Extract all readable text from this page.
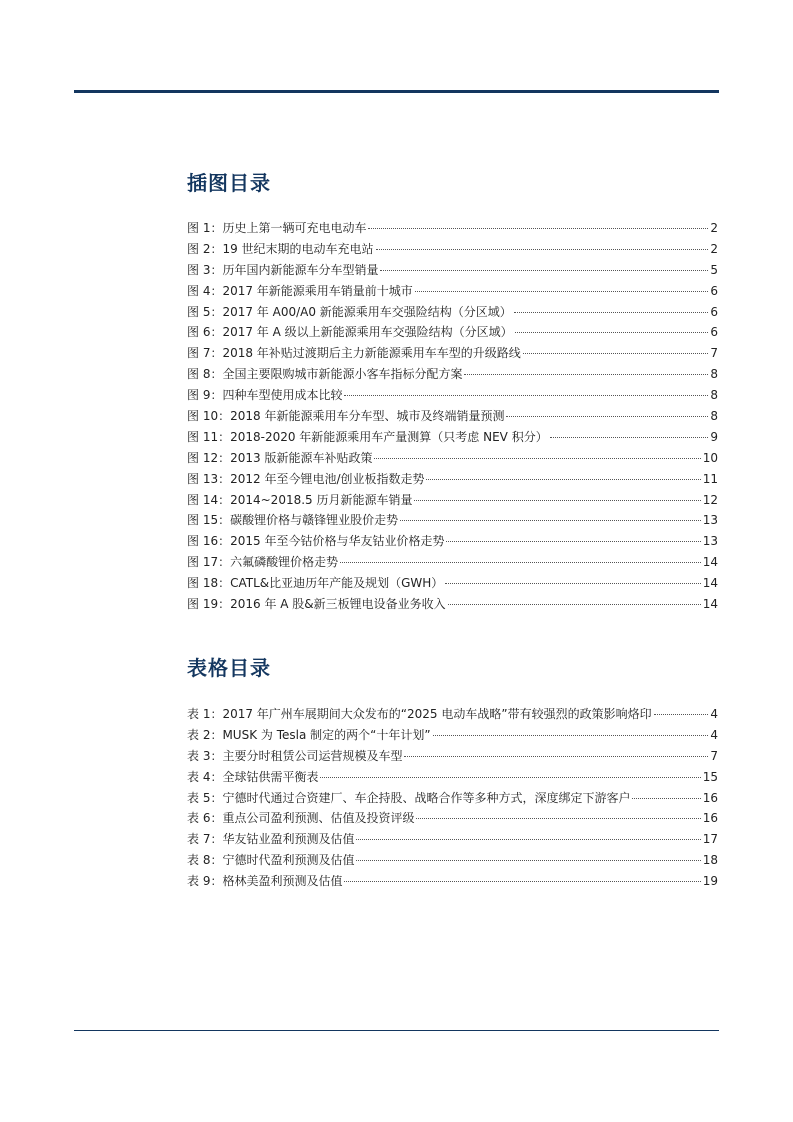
插图目录
图 1：历史上第一辆可充电电动车	2
图 2：19 世纪末期的电动车充电站	2
图 3：历年国内新能源车分车型销量	5
图 4：2017 年新能源乘用车销量前十城市	6
图 5：2017 年 A00/A0 新能源乘用车交强险结构（分区域）	6
图 6：2017 年 A 级以上新能源乘用车交强险结构（分区域）	6
图 7：2018 年补贴过渡期后主力新能源乘用车车型的升级路线	7
图 8：全国主要限购城市新能源小客车指标分配方案	8
图 9：四种车型使用成本比较	8
图 10：2018 年新能源乘用车分车型、城市及终端销量预测	8
图 11：2018-2020 年新能源乘用车产量测算（只考虑 NEV 积分）	9
图 12：2013 版新能源车补贴政策	10
图 13：2012 年至今锂电池/创业板指数走势	11
图 14：2014~2018.5 历月新能源车销量	12
图 15：碳酸锂价格与赣锋锂业股价走势	13
图 16：2015 年至今钴价格与华友钴业价格走势	13
图 17：六氟磷酸锂价格走势	14
图 18：CATL&比亚迪历年产能及规划（GWH）	14
图 19：2016 年 A 股&新三板锂电设备业务收入	14
表格目录
表 1：2017 年广州车展期间大众发布的“2025 电动车战略”带有较强烈的政策影响烙印	4
表 2：MUSK 为 Tesla 制定的两个“十年计划”	4
表 3：主要分时租赁公司运营规模及车型	7
表 4：全球钴供需平衡表	15
表 5：宁德时代通过合资建厂、车企持股、战略合作等多种方式，深度绑定下游客户	16
表 6：重点公司盈利预测、估值及投资评级	16
表 7：华友钴业盈利预测及估值	17
表 8：宁德时代盈利预测及估值	18
表 9：格林美盈利预测及估值	19
